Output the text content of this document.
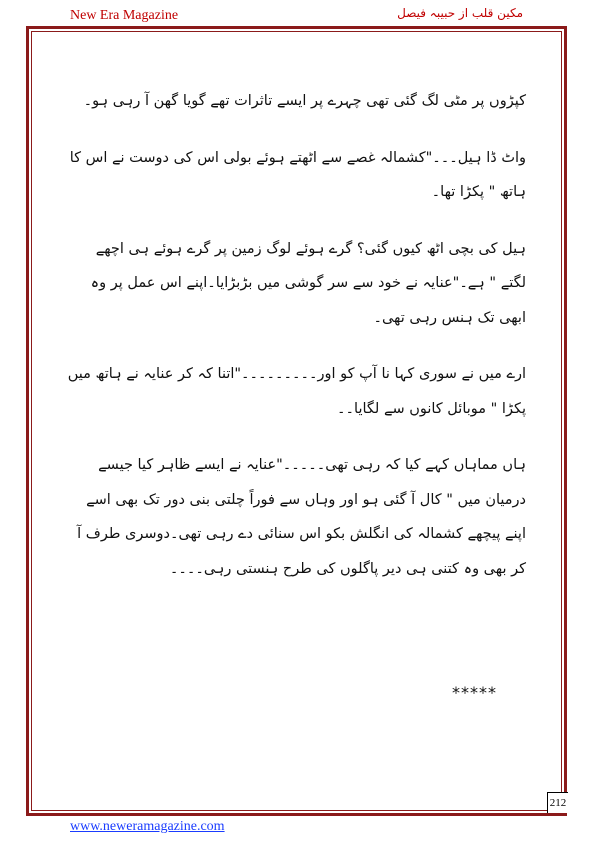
New Era Magazine	مکین قلب از حبیبہ فیصل

کپڑوں پر مٹی لگ گئی تھی چہرے پر ایسے تاثرات تھے گویا گھن آ رہی ہو۔

واٹ ڈا ہیل۔۔۔"کشمالہ غصے سے اٹھتے ہوئے بولی اس کی دوست نے اس کا ہاتھ " پکڑا تھا۔

ہیل کی بچی اٹھ کیوں گئی؟ گرے ہوئے لوگ زمین پر گرے ہوئے ہی اچھے لگتے " ہے۔"عنایہ نے خود سے سر گوشی میں بڑبڑایا۔اپنے اس عمل پر وہ ابھی تک ہنس رہی تھی۔

ارے میں نے سوری کہا نا آپ کو اور۔۔۔۔۔۔۔۔۔"اتنا کہ کر عنایہ نے ہاتھ میں پکڑا " موبائل کانوں سے لگایا۔۔

ہاں مماہاں کہے کیا کہ رہی تھی۔۔۔۔۔"عنایہ نے ایسے ظاہر کیا جیسے درمیان میں " کال آ گئی ہو اور وہاں سے فوراً چلتی بنی دور تک بھی اسے اپنے پیچھے کشمالہ کی انگلش بکو اس سنائی دے رہی تھی۔دوسری طرف آ کر بھی وہ کتنی ہی دیر پاگلوں کی طرح ہنستی رہی۔۔۔۔

*****
212
www.neweramagazine.com
